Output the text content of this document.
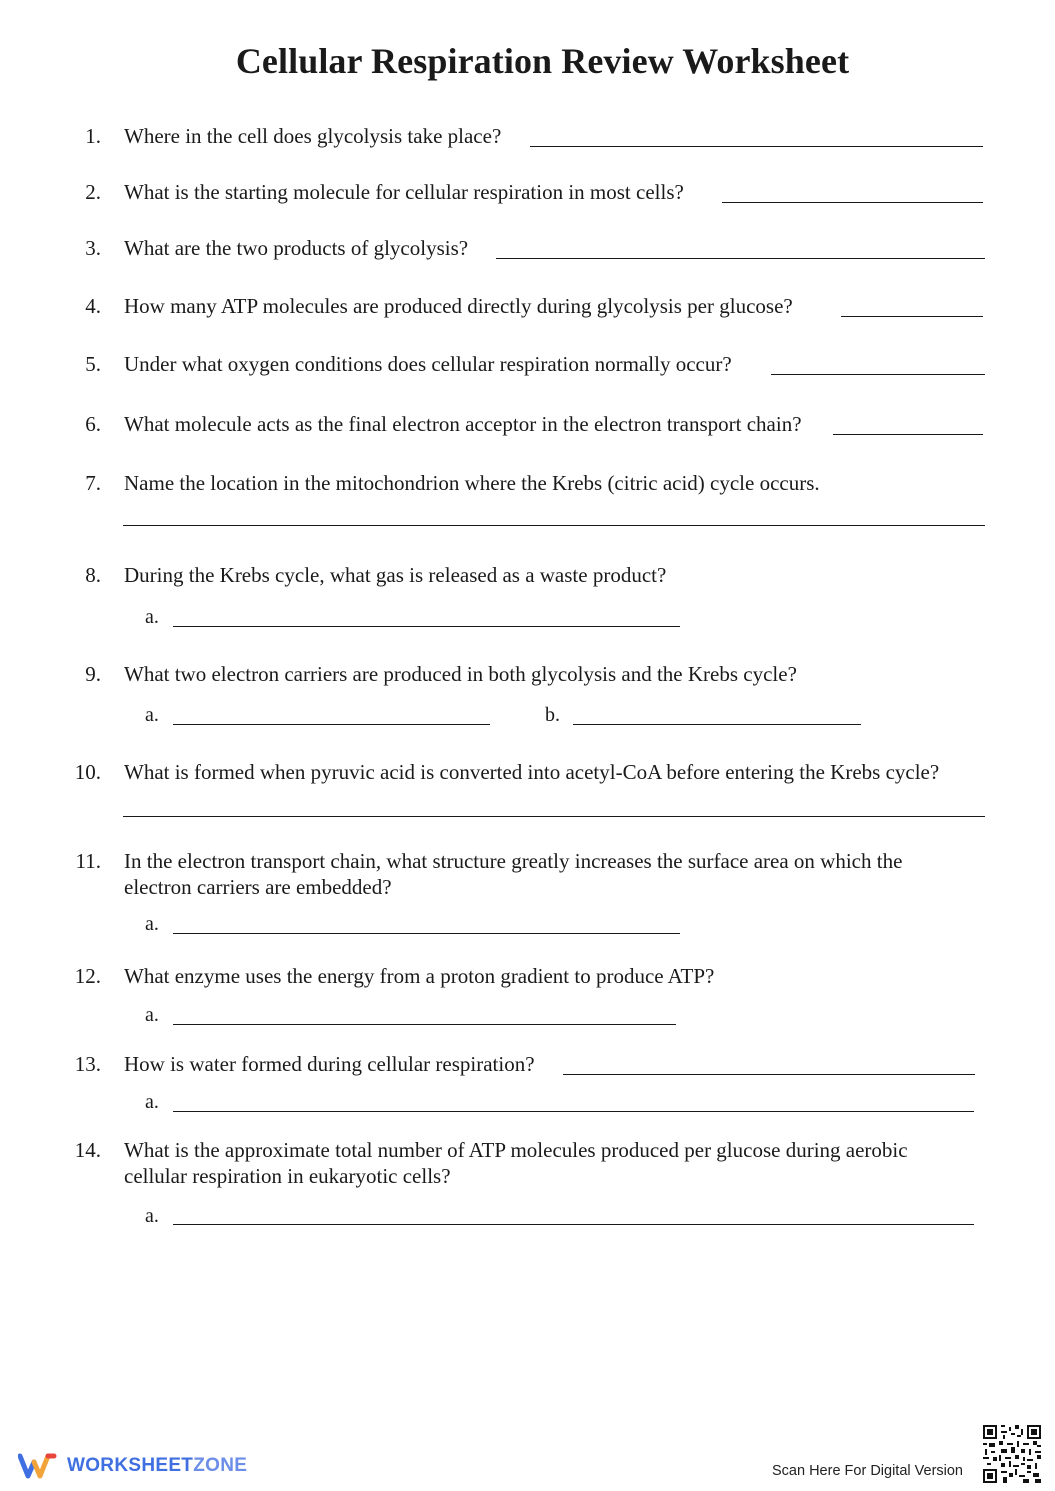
Cellular Respiration Review Worksheet
1. Where in the cell does glycolysis take place?
2. What is the starting molecule for cellular respiration in most cells?
3. What are the two products of glycolysis?
4. How many ATP molecules are produced directly during glycolysis per glucose?
5. Under what oxygen conditions does cellular respiration normally occur?
6. What molecule acts as the final electron acceptor in the electron transport chain?
7. Name the location in the mitochondrion where the Krebs (citric acid) cycle occurs.
8. During the Krebs cycle, what gas is released as a waste product?
a.
9. What two electron carriers are produced in both glycolysis and the Krebs cycle?
a.	b.
10. What is formed when pyruvic acid is converted into acetyl-CoA before entering the Krebs cycle?
11. In the electron transport chain, what structure greatly increases the surface area on which the
electron carriers are embedded?
a.
12. What enzyme uses the energy from a proton gradient to produce ATP?
a.
13. How is water formed during cellular respiration?
a.
14. What is the approximate total number of ATP molecules produced per glucose during aerobic
cellular respiration in eukaryotic cells?
a.
WORKSHEETZONE	Scan Here For Digital Version
